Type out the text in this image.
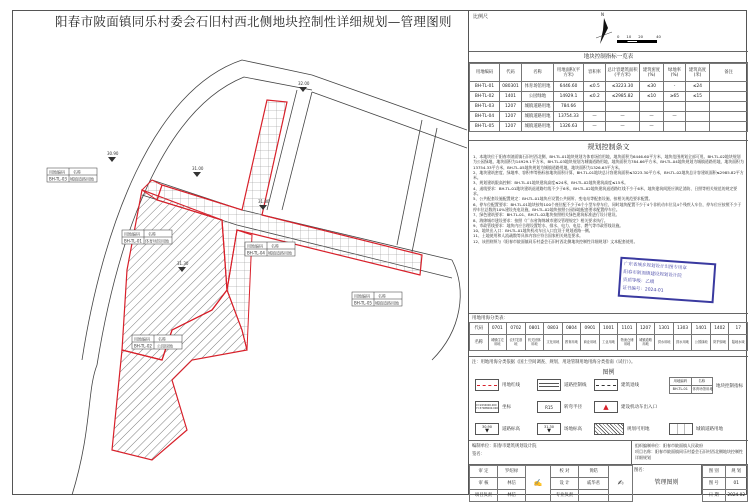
阳春市陂面镇同乐村委会石旧村西北侧地块控制性详细规划—管理图则
用地编码 名称
BH-TL-01 体育场馆用地
用地编码 名称
BH-TL-02 公园绿地
用地编码 名称
BH-TL-03 城镇道路用地
用地编码 名称
BH-TL-04 城镇道路用地
用地编码 名称
BH-TL-05 城镇道路用地
32.00
31.80
31.30
30.90
31.00
比例尺	N
0 10 20	40
地块控制指标一览表
用地编码	代码	名称	用地面积(平方米)	容积率	总计容建筑面积(平方米)	建筑密度(%)	绿地率(%)	建筑高度(米)	备注
BH-TL-01	080301	体育场馆用地	6446.60	≤0.5	≤3223.30	≤30	-	≤24	
BH-TL-02	1401	公园绿地	14929.1	≤0.2	≤2985.82	≤10	≥65	≤15	
BH-TL-03	1207	城镇道路用地	784.66						
BH-TL-04	1207	城镇道路用地	13754.33	—	—	—	—		
BH-TL-05	1207	城镇道路用地	1326.63	—	—	—			
规划控制条文
1、本地块位于阳春市陂面镇石旧村西北侧，BH-TL-01地块规划为体育场馆用地，地块面积为6446.60平方米，地块范围规划全部可用。BH-TL-02地块规划为公园绿地，地块面积为14929.1平方米，BH-TL-03地块规划为城镇道路用地，地块面积为784.66平方米，BH-TL-04地块规划为城镇道路用地，地块面积为13754.33平方米，BH-TL-05地块规划为城镇道路用地，地块面积为1326.63平方米。
2、地块建筑密度、绿地率、容积率等指标按地块面积计算，BH-TL-01地块总计容建筑面积≤3223.30平方米，BH-TL-02地块总计容建筑面积≤2985.82平方米。
3、规划建筑限高控制：BH-TL-01地块建筑高度≤24米，BH-TL-02地块建筑高度≤15米。
4、退线要求：BH-TL-01地块建筑退道路红线不少于6米，BH-TL-02地块建筑退道路红线不少于6米，地块建筑间距应满足消防、日照等相关规范的规定要求。
5、公共配套设施配置规定：BH-TL-01地块应设置公共厕所、变电站等配套设施，按相关规范要求配置。
6、停车位配置要求：BH-TL-01地块按每100个座位配不少于6个小型车停车位，同时地块配置不少于4个非机动车位及4个残疾人车位，停车位应按照不少于停车位总数的10%建设充电设施，BH-TL-02地块按照公园绿地配套要求配置停车位。
7、绿色建筑要求：BH-TL-01、BH-TL-02地块按照相关绿色建筑标准进行设计建设。
8、海绵城市建设要求：按照《广东省海绵城市建设管理规定》相关要求执行。
9、市政管线要求：地块内应合理设置给水、排水、电力、电信、燃气等市政管线设施。
10、地块出入口：BH-TL-01地块机动车出入口宜设于规划道路一侧。
11、土地使用和人流疏散等具体内容应符合国家相关规范要求。
12、该图则须与《阳春市陂面镇同乐村委会石旧村西北侧地块控制性详细规划》文本配套使用。
广东省城乡规划设计出图专用章
阳春市陂面镇建设规划设计院
资质等级：乙级
证书编号：2024-01
用地用海分类表：
代码	0701	0702	0801	0803	0804	0901	1001	1101	1207	1301	1303	1401	1402	17
名称	城镇住宅用地	农村宅基地	机关团体用地	文化用地	教育用地	商业用地	工业用地	物流仓储用地	城镇道路用地	供水用地	排水用地	公园绿地	防护绿地	陆地水域
注：用地用海分类依据《国土空间调查、规划、用途管制用地用海分类指南（试行）》。
图例
用地红线	道路控制线	建筑退线
用地编码	名称
BH-TL-01	体育场馆用地
地块控制指标
X=2434000.000
Y=37488000.000 坐标	R15	转弯半径	▲	建设机动车出入口
30.90
▼	道路标高	31.30
▼	场地标高	规划可用地	城镇道路用地
编制单位：阳春市建筑规划设计院
签名：
组织编制单位：阳春市陂面镇人民政府
项目名称：阳春市陂面镇同乐村委会石旧村西北侧地块控制性详细规划
审 定	罗绍禄	✍	校 对	黄皓	✍
审 核	林信		设 计	戚华君	
项目负责	林信		专业负责		
图名：
管理图则
图 别	规 划
图 号	01
日 期	2024.02
